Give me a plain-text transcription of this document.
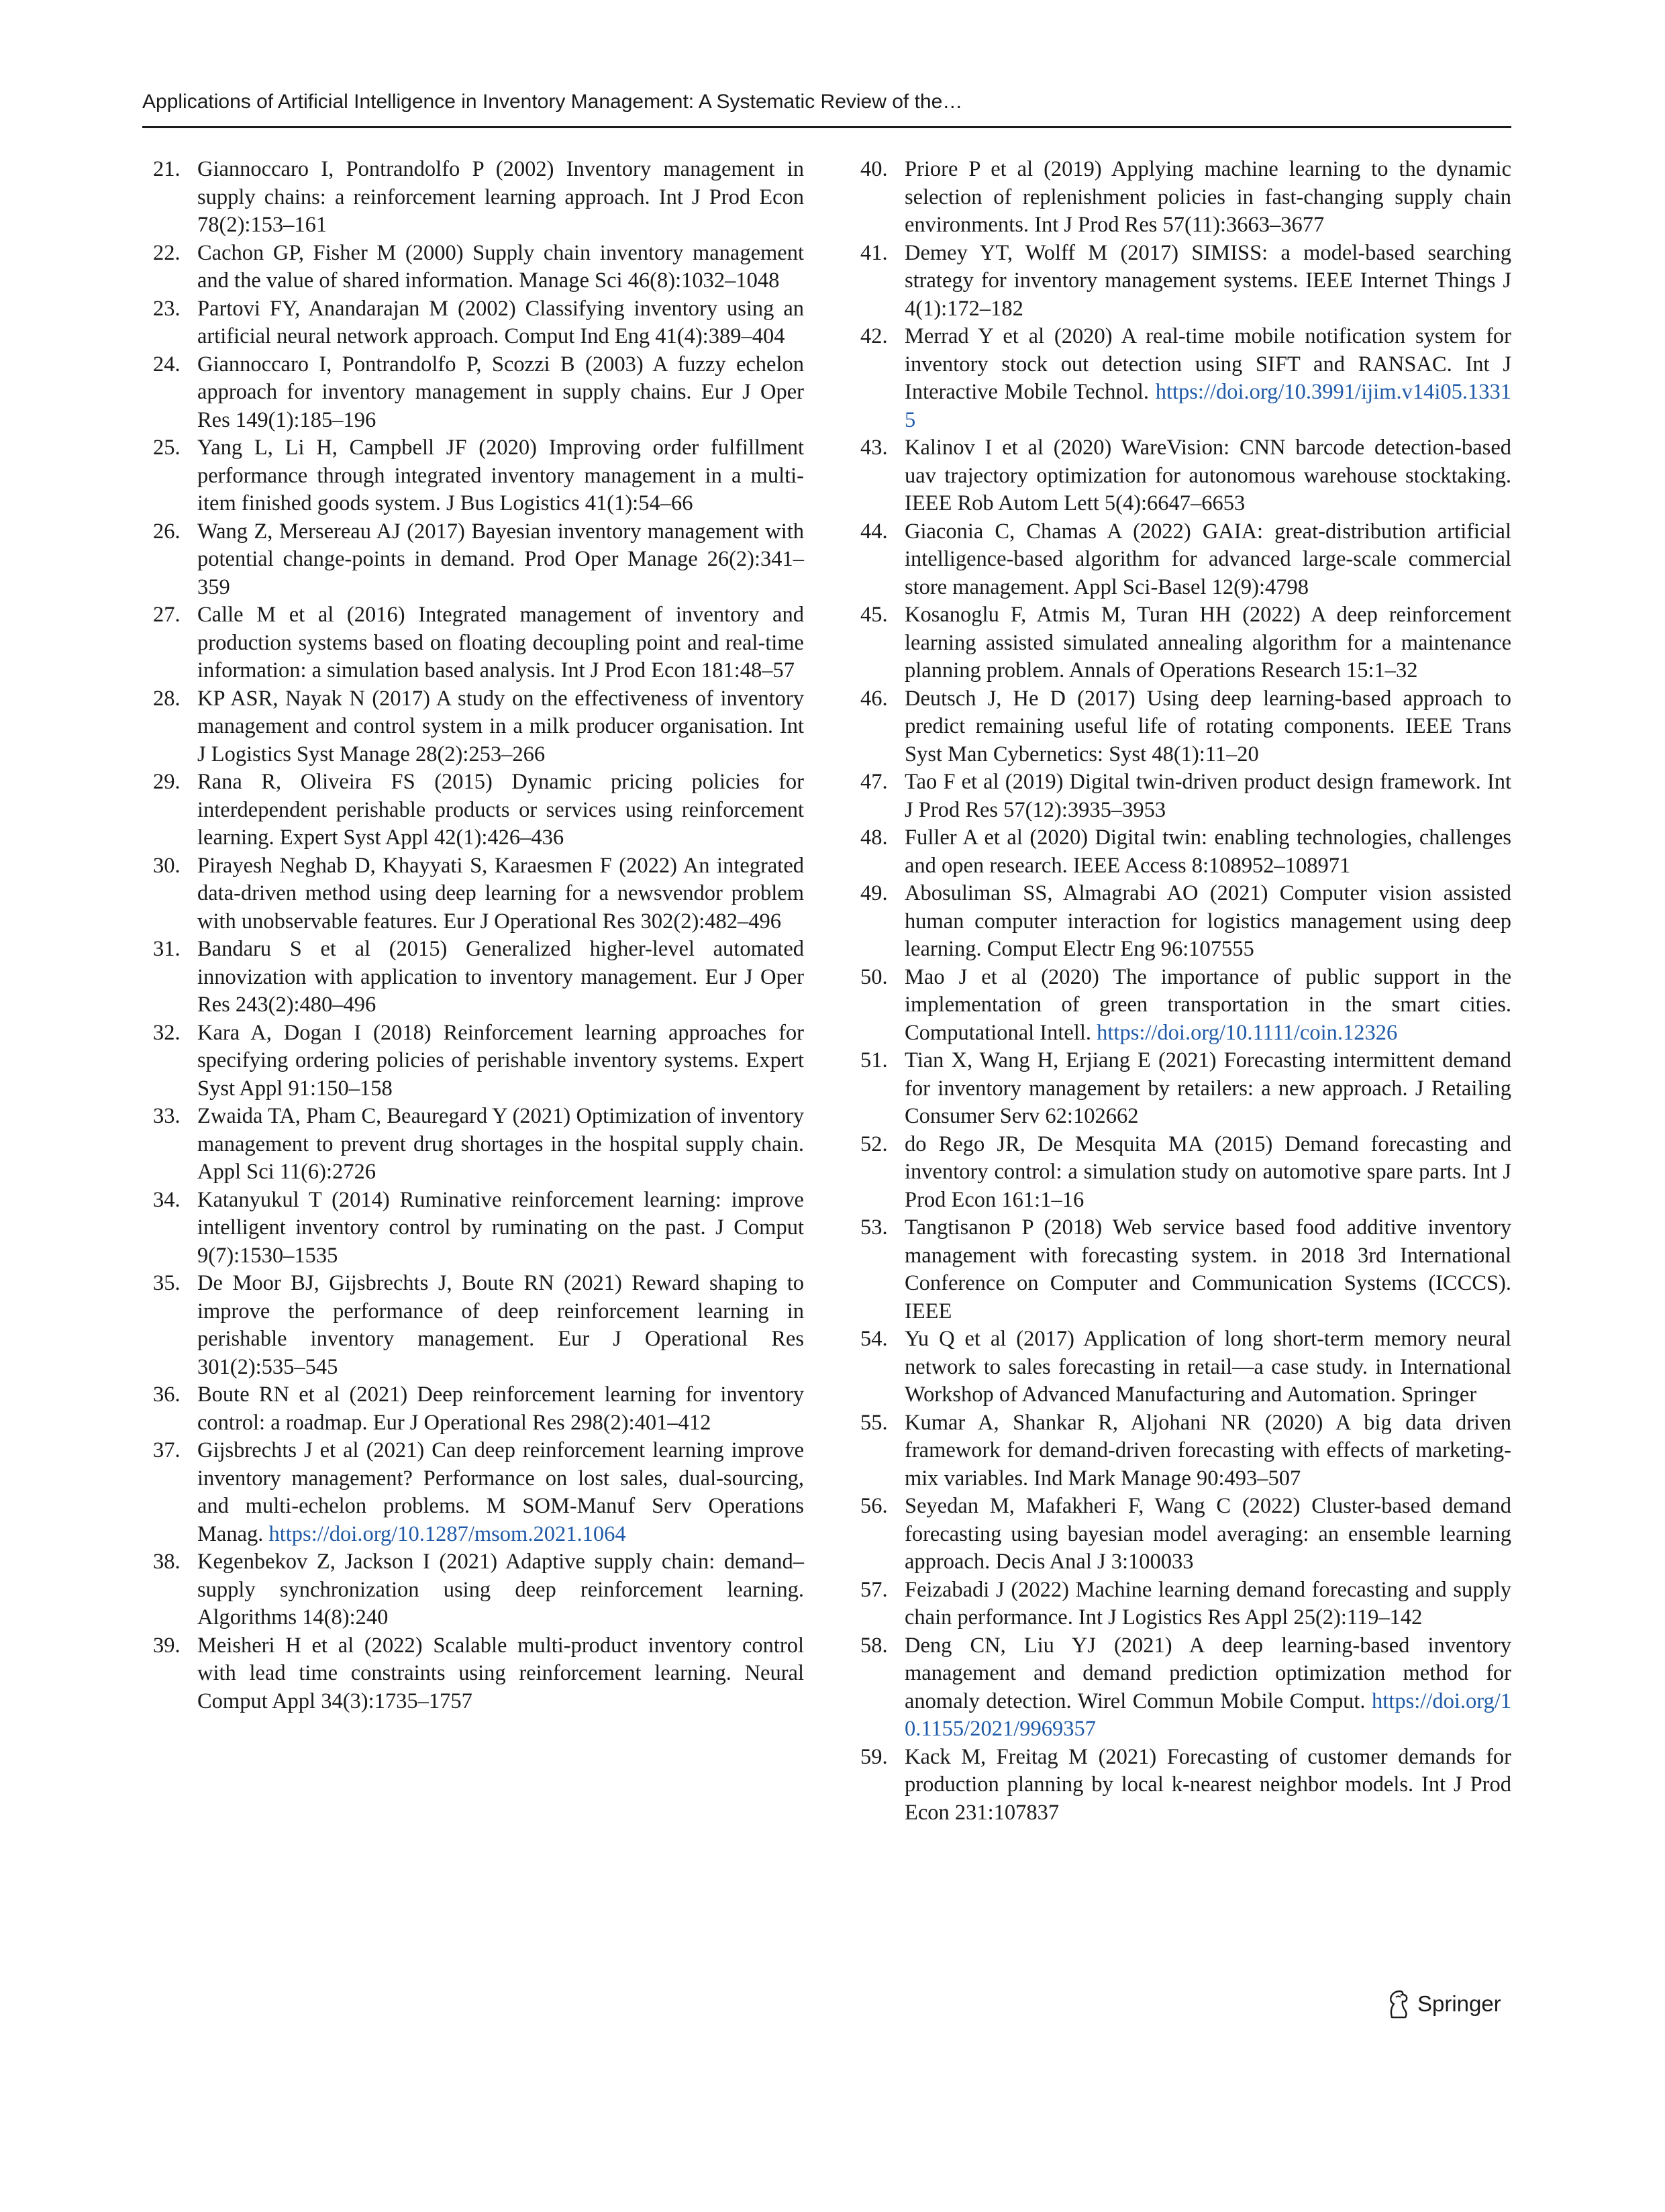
Applications of Artificial Intelligence in Inventory Management: A Systematic Review of the…
21. Giannoccaro I, Pontrandolfo P (2002) Inventory management in supply chains: a reinforcement learning approach. Int J Prod Econ 78(2):153–161
22. Cachon GP, Fisher M (2000) Supply chain inventory management and the value of shared information. Manage Sci 46(8):1032–1048
23. Partovi FY, Anandarajan M (2002) Classifying inventory using an artificial neural network approach. Comput Ind Eng 41(4):389–404
24. Giannoccaro I, Pontrandolfo P, Scozzi B (2003) A fuzzy echelon approach for inventory management in supply chains. Eur J Oper Res 149(1):185–196
25. Yang L, Li H, Campbell JF (2020) Improving order fulfillment performance through integrated inventory management in a multi-item finished goods system. J Bus Logistics 41(1):54–66
26. Wang Z, Mersereau AJ (2017) Bayesian inventory management with potential change-points in demand. Prod Oper Manage 26(2):341–359
27. Calle M et al (2016) Integrated management of inventory and production systems based on floating decoupling point and real-time information: a simulation based analysis. Int J Prod Econ 181:48–57
28. KP ASR, Nayak N (2017) A study on the effectiveness of inventory management and control system in a milk producer organisation. Int J Logistics Syst Manage 28(2):253–266
29. Rana R, Oliveira FS (2015) Dynamic pricing policies for interdependent perishable products or services using reinforcement learning. Expert Syst Appl 42(1):426–436
30. Pirayesh Neghab D, Khayyati S, Karaesmen F (2022) An integrated data-driven method using deep learning for a newsvendor problem with unobservable features. Eur J Operational Res 302(2):482–496
31. Bandaru S et al (2015) Generalized higher-level automated innovization with application to inventory management. Eur J Oper Res 243(2):480–496
32. Kara A, Dogan I (2018) Reinforcement learning approaches for specifying ordering policies of perishable inventory systems. Expert Syst Appl 91:150–158
33. Zwaida TA, Pham C, Beauregard Y (2021) Optimization of inventory management to prevent drug shortages in the hospital supply chain. Appl Sci 11(6):2726
34. Katanyukul T (2014) Ruminative reinforcement learning: improve intelligent inventory control by ruminating on the past. J Comput 9(7):1530–1535
35. De Moor BJ, Gijsbrechts J, Boute RN (2021) Reward shaping to improve the performance of deep reinforcement learning in perishable inventory management. Eur J Operational Res 301(2):535–545
36. Boute RN et al (2021) Deep reinforcement learning for inventory control: a roadmap. Eur J Operational Res 298(2):401–412
37. Gijsbrechts J et al (2021) Can deep reinforcement learning improve inventory management? Performance on lost sales, dual-sourcing, and multi-echelon problems. M SOM-Manuf Serv Operations Manag. https://doi.org/10.1287/msom.2021.1064
38. Kegenbekov Z, Jackson I (2021) Adaptive supply chain: demand–supply synchronization using deep reinforcement learning. Algorithms 14(8):240
39. Meisheri H et al (2022) Scalable multi-product inventory control with lead time constraints using reinforcement learning. Neural Comput Appl 34(3):1735–1757
40. Priore P et al (2019) Applying machine learning to the dynamic selection of replenishment policies in fast-changing supply chain environments. Int J Prod Res 57(11):3663–3677
41. Demey YT, Wolff M (2017) SIMISS: a model-based searching strategy for inventory management systems. IEEE Internet Things J 4(1):172–182
42. Merrad Y et al (2020) A real-time mobile notification system for inventory stock out detection using SIFT and RANSAC. Int J Interactive Mobile Technol. https://doi.org/10.3991/ijim.v14i05.13315
43. Kalinov I et al (2020) WareVision: CNN barcode detection-based uav trajectory optimization for autonomous warehouse stocktaking. IEEE Rob Autom Lett 5(4):6647–6653
44. Giaconia C, Chamas A (2022) GAIA: great-distribution artificial intelligence-based algorithm for advanced large-scale commercial store management. Appl Sci-Basel 12(9):4798
45. Kosanoglu F, Atmis M, Turan HH (2022) A deep reinforcement learning assisted simulated annealing algorithm for a maintenance planning problem. Annals of Operations Research 15:1–32
46. Deutsch J, He D (2017) Using deep learning-based approach to predict remaining useful life of rotating components. IEEE Trans Syst Man Cybernetics: Syst 48(1):11–20
47. Tao F et al (2019) Digital twin-driven product design framework. Int J Prod Res 57(12):3935–3953
48. Fuller A et al (2020) Digital twin: enabling technologies, challenges and open research. IEEE Access 8:108952–108971
49. Abosuliman SS, Almagrabi AO (2021) Computer vision assisted human computer interaction for logistics management using deep learning. Comput Electr Eng 96:107555
50. Mao J et al (2020) The importance of public support in the implementation of green transportation in the smart cities. Computational Intell. https://doi.org/10.1111/coin.12326
51. Tian X, Wang H, Erjiang E (2021) Forecasting intermittent demand for inventory management by retailers: a new approach. J Retailing Consumer Serv 62:102662
52. do Rego JR, De Mesquita MA (2015) Demand forecasting and inventory control: a simulation study on automotive spare parts. Int J Prod Econ 161:1–16
53. Tangtisanon P (2018) Web service based food additive inventory management with forecasting system. in 2018 3rd International Conference on Computer and Communication Systems (ICCCS). IEEE
54. Yu Q et al (2017) Application of long short-term memory neural network to sales forecasting in retail—a case study. in International Workshop of Advanced Manufacturing and Automation. Springer
55. Kumar A, Shankar R, Aljohani NR (2020) A big data driven framework for demand-driven forecasting with effects of marketing-mix variables. Ind Mark Manage 90:493–507
56. Seyedan M, Mafakheri F, Wang C (2022) Cluster-based demand forecasting using bayesian model averaging: an ensemble learning approach. Decis Anal J 3:100033
57. Feizabadi J (2022) Machine learning demand forecasting and supply chain performance. Int J Logistics Res Appl 25(2):119–142
58. Deng CN, Liu YJ (2021) A deep learning-based inventory management and demand prediction optimization method for anomaly detection. Wirel Commun Mobile Comput. https://doi.org/10.1155/2021/9969357
59. Kack M, Freitag M (2021) Forecasting of customer demands for production planning by local k-nearest neighbor models. Int J Prod Econ 231:107837
Springer
